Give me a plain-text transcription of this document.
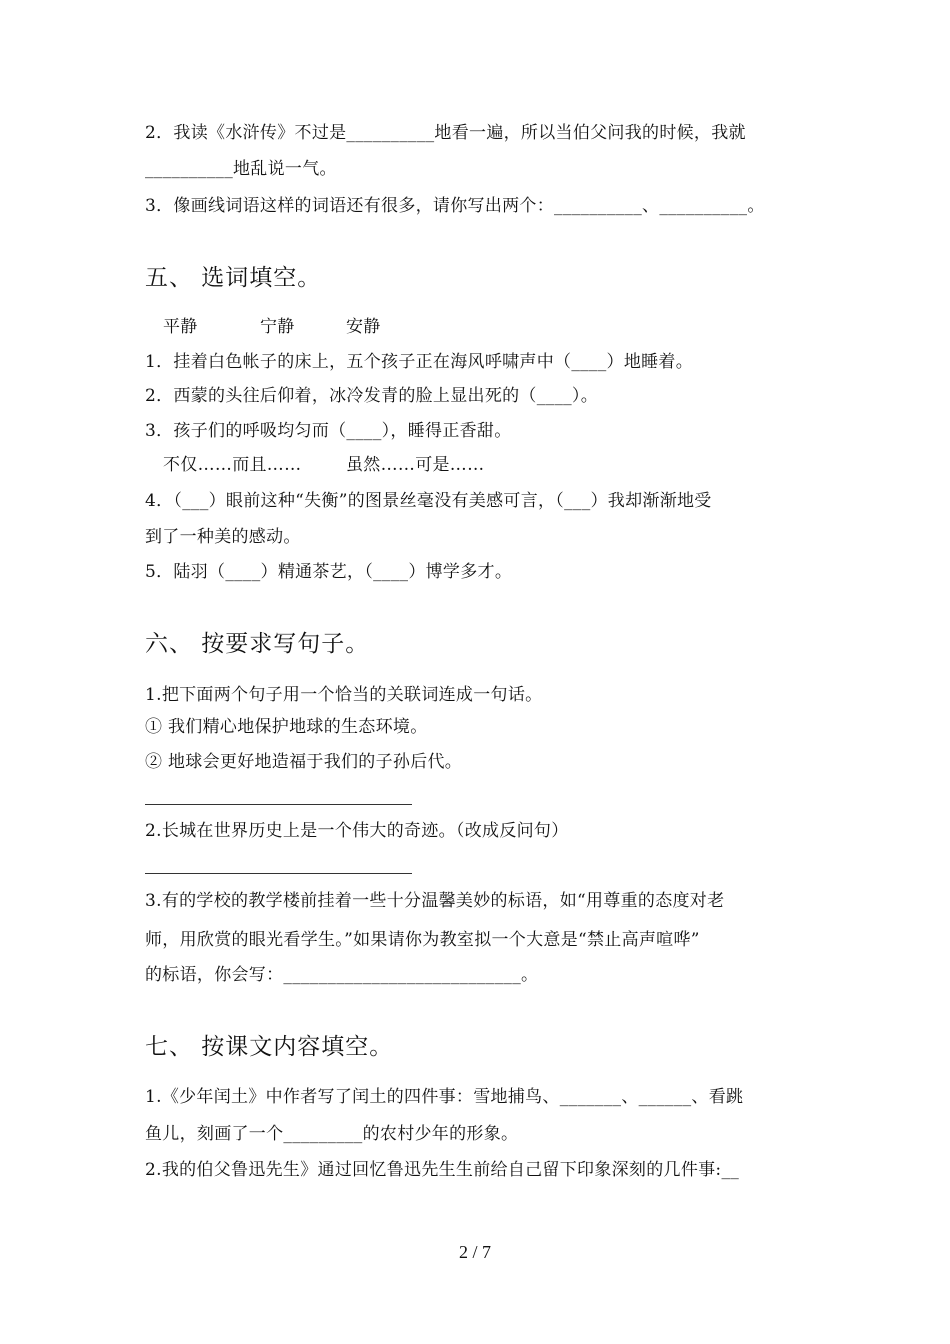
2．我读《水浒传》不过是__________地看一遍，所以当伯父问我的时候，我就
__________地乱说一气。
3．像画线词语这样的词语还有很多，请你写出两个：__________、__________。
五、 选词填空。
平静	宁静	安静
1．挂着白色帐子的床上，五个孩子正在海风呼啸声中（____）地睡着。
2．西蒙的头往后仰着，冰冷发青的脸上显出死的（____）。
3．孩子们的呼吸均匀而（____），睡得正香甜。
不仅……而且……	虽然……可是……
4．（___）眼前这种“失衡”的图景丝毫没有美感可言，（___）我却渐渐地受
到了一种美的感动。
5．陆羽（____）精通茶艺，（____）博学多才。
六、 按要求写句子。
1.把下面两个句子用一个恰当的关联词连成一句话。
① 我们精心地保护地球的生态环境。
② 地球会更好地造福于我们的子孙后代。
2.长城在世界历史上是一个伟大的奇迹。（改成反问句）
3.有的学校的教学楼前挂着一些十分温馨美妙的标语，如“用尊重的态度对老
师，用欣赏的眼光看学生。”如果请你为教室拟一个大意是“禁止高声喧哗”
的标语，你会写：___________________________。
七、 按课文内容填空。
1.《少年闰土》中作者写了闰土的四件事：雪地捕鸟、_______、______、看跳
鱼儿，刻画了一个_________的农村少年的形象。
2.我的伯父鲁迅先生》通过回忆鲁迅先生生前给自己留下印象深刻的几件事:__
2 / 7
